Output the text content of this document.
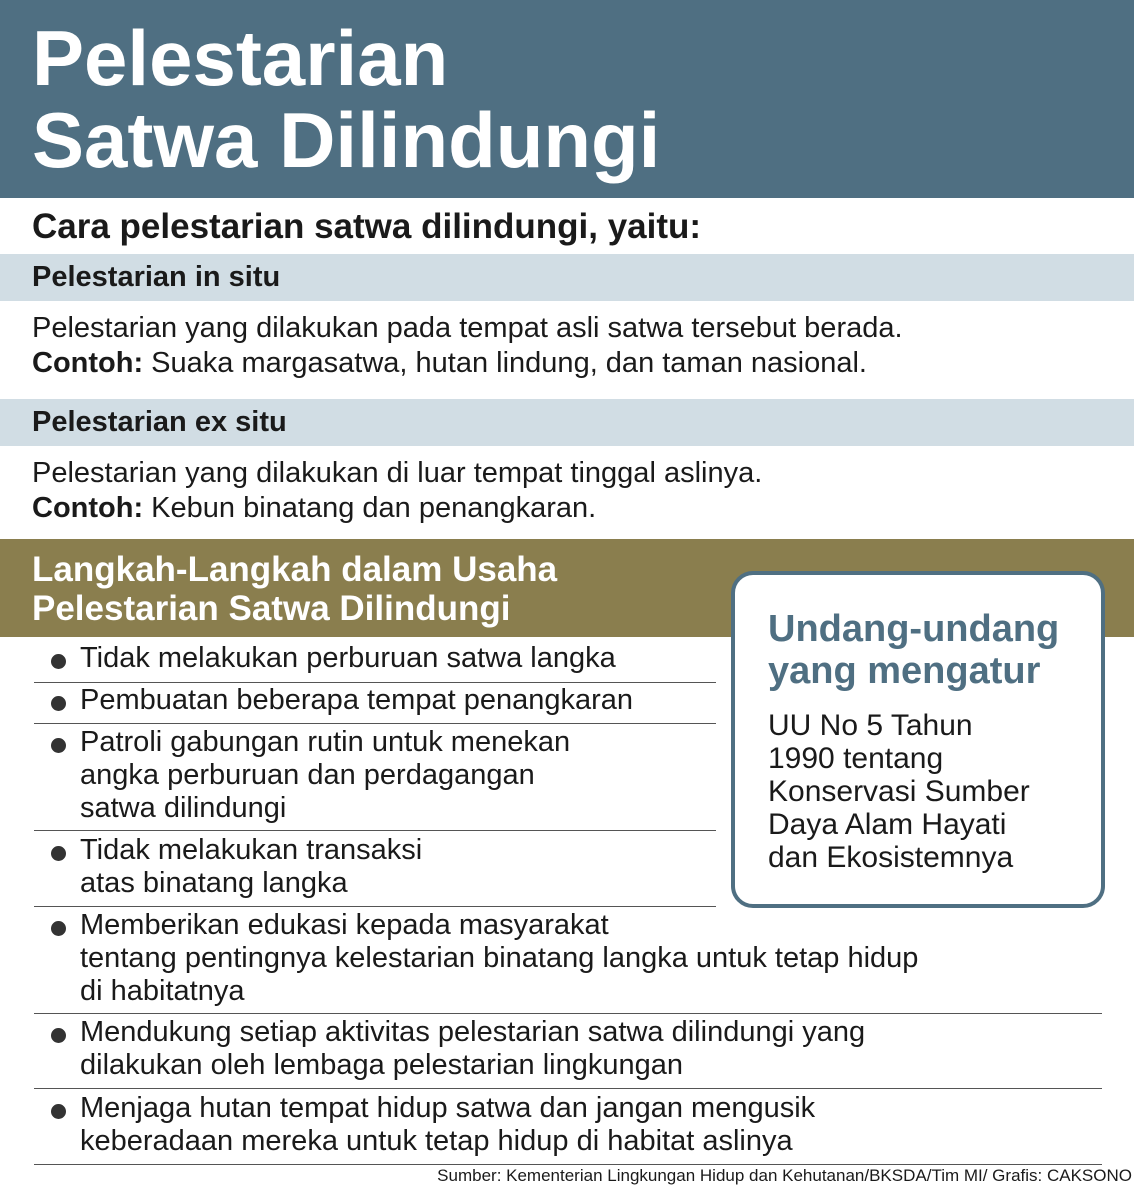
Pelestarian
Satwa Dilindungi
Cara pelestarian satwa dilindungi, yaitu:
Pelestarian in situ
Pelestarian yang dilakukan pada tempat asli satwa tersebut berada.
Contoh: Suaka margasatwa, hutan lindung, dan taman nasional.
Pelestarian ex situ
Pelestarian yang dilakukan di luar tempat tinggal aslinya.
Contoh: Kebun binatang dan penangkaran.
Langkah-Langkah dalam Usaha
Pelestarian Satwa Dilindungi	Undang-undang
yang mengatur
UU No 5 Tahun
1990 tentang
Konservasi Sumber
Daya Alam Hayati
dan Ekosistemnya
Tidak melakukan perburuan satwa langka
Pembuatan beberapa tempat penangkaran
Patroli gabungan rutin untuk menekan
angka perburuan dan perdagangan
satwa dilindungi
Tidak melakukan transaksi
atas binatang langka
Memberikan edukasi kepada masyarakat
tentang pentingnya kelestarian binatang langka untuk tetap hidup
di habitatnya
Mendukung setiap aktivitas pelestarian satwa dilindungi yang
dilakukan oleh lembaga pelestarian lingkungan
Menjaga hutan tempat hidup satwa dan jangan mengusik
keberadaan mereka untuk tetap hidup di habitat aslinya
Sumber: Kementerian Lingkungan Hidup dan Kehutanan/BKSDA/Tim MI/ Grafis: CAKSONO
